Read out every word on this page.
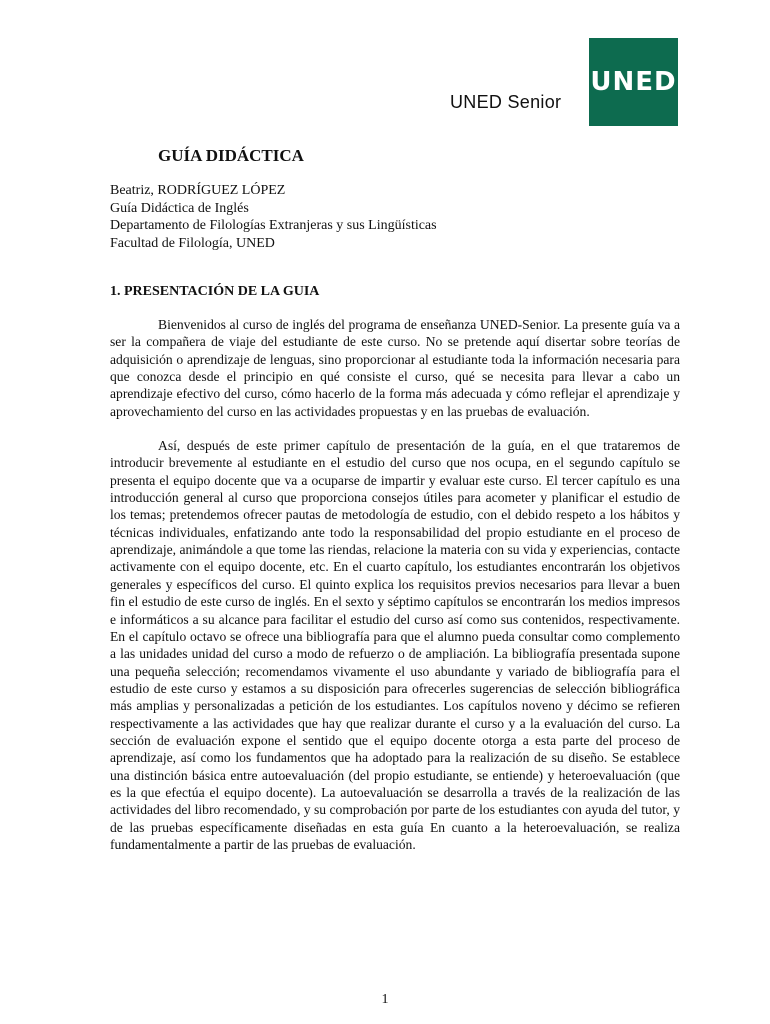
UNED Senior
UNED
GUÍA DIDÁCTICA
Beatriz, RODRÍGUEZ LÓPEZ
Guía Didáctica de Inglés
Departamento de Filologías Extranjeras y sus Lingüísticas
Facultad de Filología, UNED
1. PRESENTACIÓN DE LA GUIA

Bienvenidos al curso de inglés del programa de enseñanza UNED-Senior. La presente guía va a ser la compañera de viaje del estudiante de este curso. No se pretende aquí disertar sobre teorías de adquisición o aprendizaje de lenguas, sino proporcionar al estudiante toda la información necesaria para que conozca desde el principio en qué consiste el curso, qué se necesita para llevar a cabo un aprendizaje efectivo del curso, cómo hacerlo de la forma más adecuada y cómo reflejar el aprendizaje y aprovechamiento del curso en las actividades propuestas y en las pruebas de evaluación.

Así, después de este primer capítulo de presentación de la guía, en el que trataremos de introducir brevemente al estudiante en el estudio del curso que nos ocupa, en el segundo capítulo se presenta el equipo docente que va a ocuparse de impartir y evaluar este curso. El tercer capítulo es una introducción general al curso que proporciona consejos útiles para acometer y planificar el estudio de los temas; pretendemos ofrecer pautas de metodología de estudio, con el debido respeto a los hábitos y técnicas individuales, enfatizando ante todo la responsabilidad del propio estudiante en el proceso de aprendizaje, animándole a que tome las riendas, relacione la materia con su vida y experiencias, contacte activamente con el equipo docente, etc. En el cuarto capítulo, los estudiantes encontrarán los objetivos generales y específicos del curso. El quinto explica los requisitos previos necesarios para llevar a buen fin el estudio de este curso de inglés. En el sexto y séptimo capítulos se encontrarán los medios impresos e informáticos a su alcance para facilitar el estudio del curso así como sus contenidos, respectivamente. En el capítulo octavo se ofrece una bibliografía para que el alumno pueda consultar como complemento a las unidades unidad del curso a modo de refuerzo o de ampliación. La bibliografía presentada supone una pequeña selección; recomendamos vivamente el uso abundante y variado de bibliografía para el estudio de este curso y estamos a su disposición para ofrecerles sugerencias de selección bibliográfica más amplias y personalizadas a petición de los estudiantes. Los capítulos noveno y décimo se refieren respectivamente a las actividades que hay que realizar durante el curso y a la evaluación del curso. La sección de evaluación expone el sentido que el equipo docente otorga a esta parte del proceso de aprendizaje, así como los fundamentos que ha adoptado para la realización de su diseño. Se establece una distinción básica entre autoevaluación (del propio estudiante, se entiende) y heteroevaluación (que es la que efectúa el equipo docente). La autoevaluación se desarrolla a través de la realización de las actividades del libro recomendado, y su comprobación por parte de los estudiantes con ayuda del tutor, y de las pruebas específicamente diseñadas en esta guía En cuanto a la heteroevaluación, se realiza fundamentalmente a partir de las pruebas de evaluación.

1
